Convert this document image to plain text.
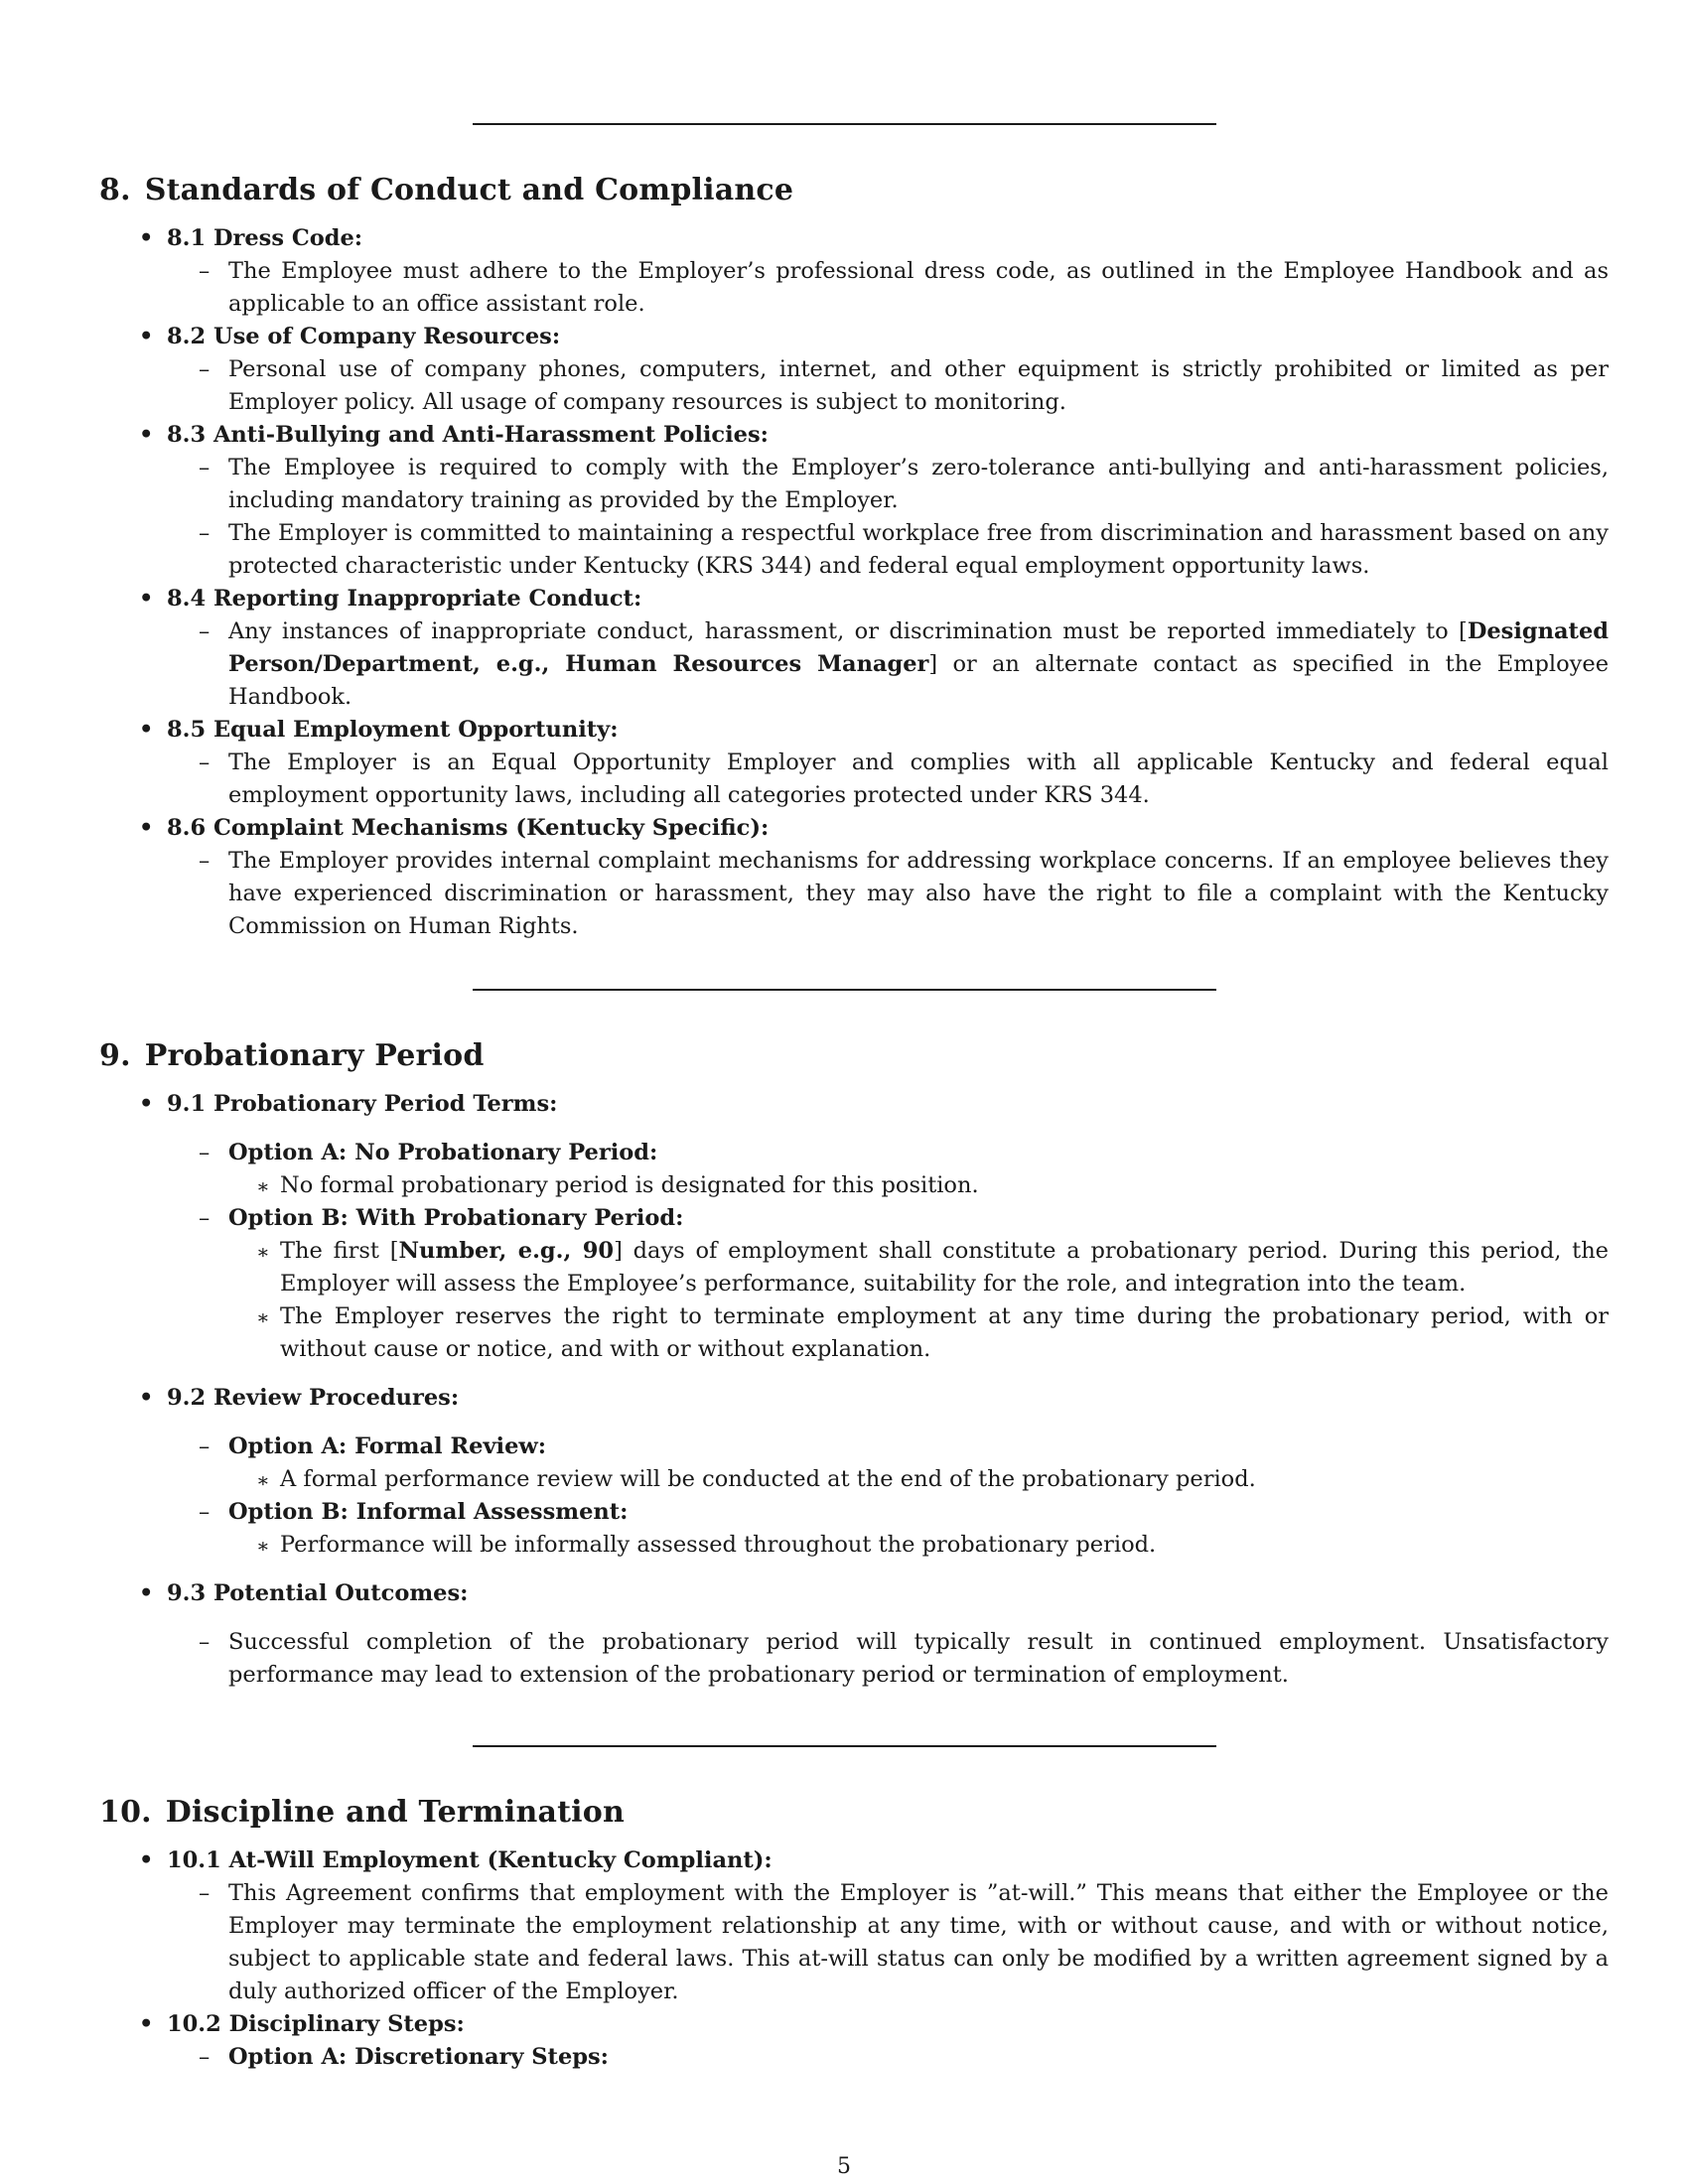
8. Standards of Conduct and Compliance
• 8.1 Dress Code:
– The Employee must adhere to the Employer’s professional dress code, as outlined in the Employee Handbook and as applicable to an office assistant role.
• 8.2 Use of Company Resources:
– Personal use of company phones, computers, internet, and other equipment is strictly prohibited or limited as per Employer policy. All usage of company resources is subject to monitoring.
• 8.3 Anti-Bullying and Anti-Harassment Policies:
– The Employee is required to comply with the Employer’s zero-tolerance anti-bullying and anti-harassment policies, including mandatory training as provided by the Employer.
– The Employer is committed to maintaining a respectful workplace free from discrimination and harassment based on any protected characteristic under Kentucky (KRS 344) and federal equal employment opportunity laws.
• 8.4 Reporting Inappropriate Conduct:
– Any instances of inappropriate conduct, harassment, or discrimination must be reported immediately to [Designated Person/Department, e.g., Human Resources Manager] or an alternate contact as specified in the Employee Handbook.
• 8.5 Equal Employment Opportunity:
– The Employer is an Equal Opportunity Employer and complies with all applicable Kentucky and federal equal employment opportunity laws, including all categories protected under KRS 344.
• 8.6 Complaint Mechanisms (Kentucky Specific):
– The Employer provides internal complaint mechanisms for addressing workplace concerns. If an employee believes they have experienced discrimination or harassment, they may also have the right to file a complaint with the Kentucky Commission on Human Rights.
9. Probationary Period
• 9.1 Probationary Period Terms:
– Option A: No Probationary Period:
∗ No formal probationary period is designated for this position.
– Option B: With Probationary Period:
∗ The first [Number, e.g., 90] days of employment shall constitute a probationary period. During this period, the Employer will assess the Employee’s performance, suitability for the role, and integration into the team.
∗ The Employer reserves the right to terminate employment at any time during the probationary period, with or without cause or notice, and with or without explanation.
• 9.2 Review Procedures:
– Option A: Formal Review:
∗ A formal performance review will be conducted at the end of the probationary period.
– Option B: Informal Assessment:
∗ Performance will be informally assessed throughout the probationary period.
• 9.3 Potential Outcomes:
– Successful completion of the probationary period will typically result in continued employment. Unsatisfactory performance may lead to extension of the probationary period or termination of employment.
10. Discipline and Termination
• 10.1 At-Will Employment (Kentucky Compliant):
– This Agreement confirms that employment with the Employer is ”at-will.” This means that either the Employee or the Employer may terminate the employment relationship at any time, with or without cause, and with or without notice, subject to applicable state and federal laws. This at-will status can only be modified by a written agreement signed by a duly authorized officer of the Employer.
• 10.2 Disciplinary Steps:
– Option A: Discretionary Steps:
5
